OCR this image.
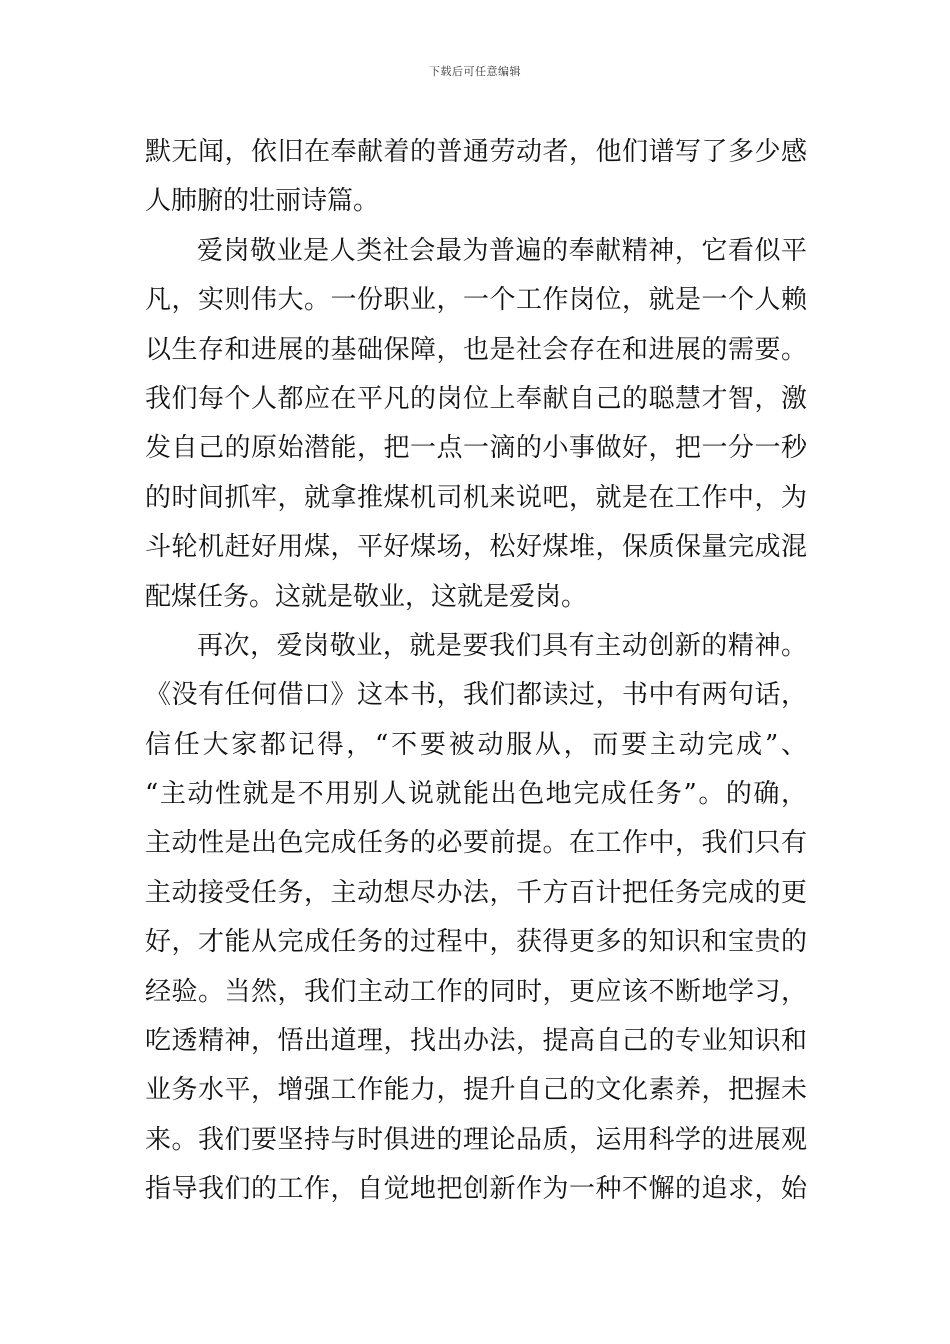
下载后可任意编辑
默无闻，依旧在奉献着的普通劳动者，他们谱写了多少感
人肺腑的壮丽诗篇。
爱岗敬业是人类社会最为普遍的奉献精神，它看似平
凡，实则伟大。一份职业，一个工作岗位，就是一个人赖
以生存和进展的基础保障，也是社会存在和进展的需要。
我们每个人都应在平凡的岗位上奉献自己的聪慧才智，激
发自己的原始潜能，把一点一滴的小事做好，把一分一秒
的时间抓牢，就拿推煤机司机来说吧，就是在工作中，为
斗轮机赶好用煤，平好煤场，松好煤堆，保质保量完成混
配煤任务。这就是敬业，这就是爱岗。
再次，爱岗敬业，就是要我们具有主动创新的精神。
《没有任何借口》这本书，我们都读过，书中有两句话，
信任大家都记得，“不要被动服从，而要主动完成”、
“主动性就是不用别人说就能出色地完成任务”。的确，
主动性是出色完成任务的必要前提。在工作中，我们只有
主动接受任务，主动想尽办法，千方百计把任务完成的更
好，才能从完成任务的过程中，获得更多的知识和宝贵的
经验。当然，我们主动工作的同时，更应该不断地学习，
吃透精神，悟出道理，找出办法，提高自己的专业知识和
业务水平，增强工作能力，提升自己的文化素养，把握未
来。我们要坚持与时俱进的理论品质，运用科学的进展观
指导我们的工作，自觉地把创新作为一种不懈的追求，始
